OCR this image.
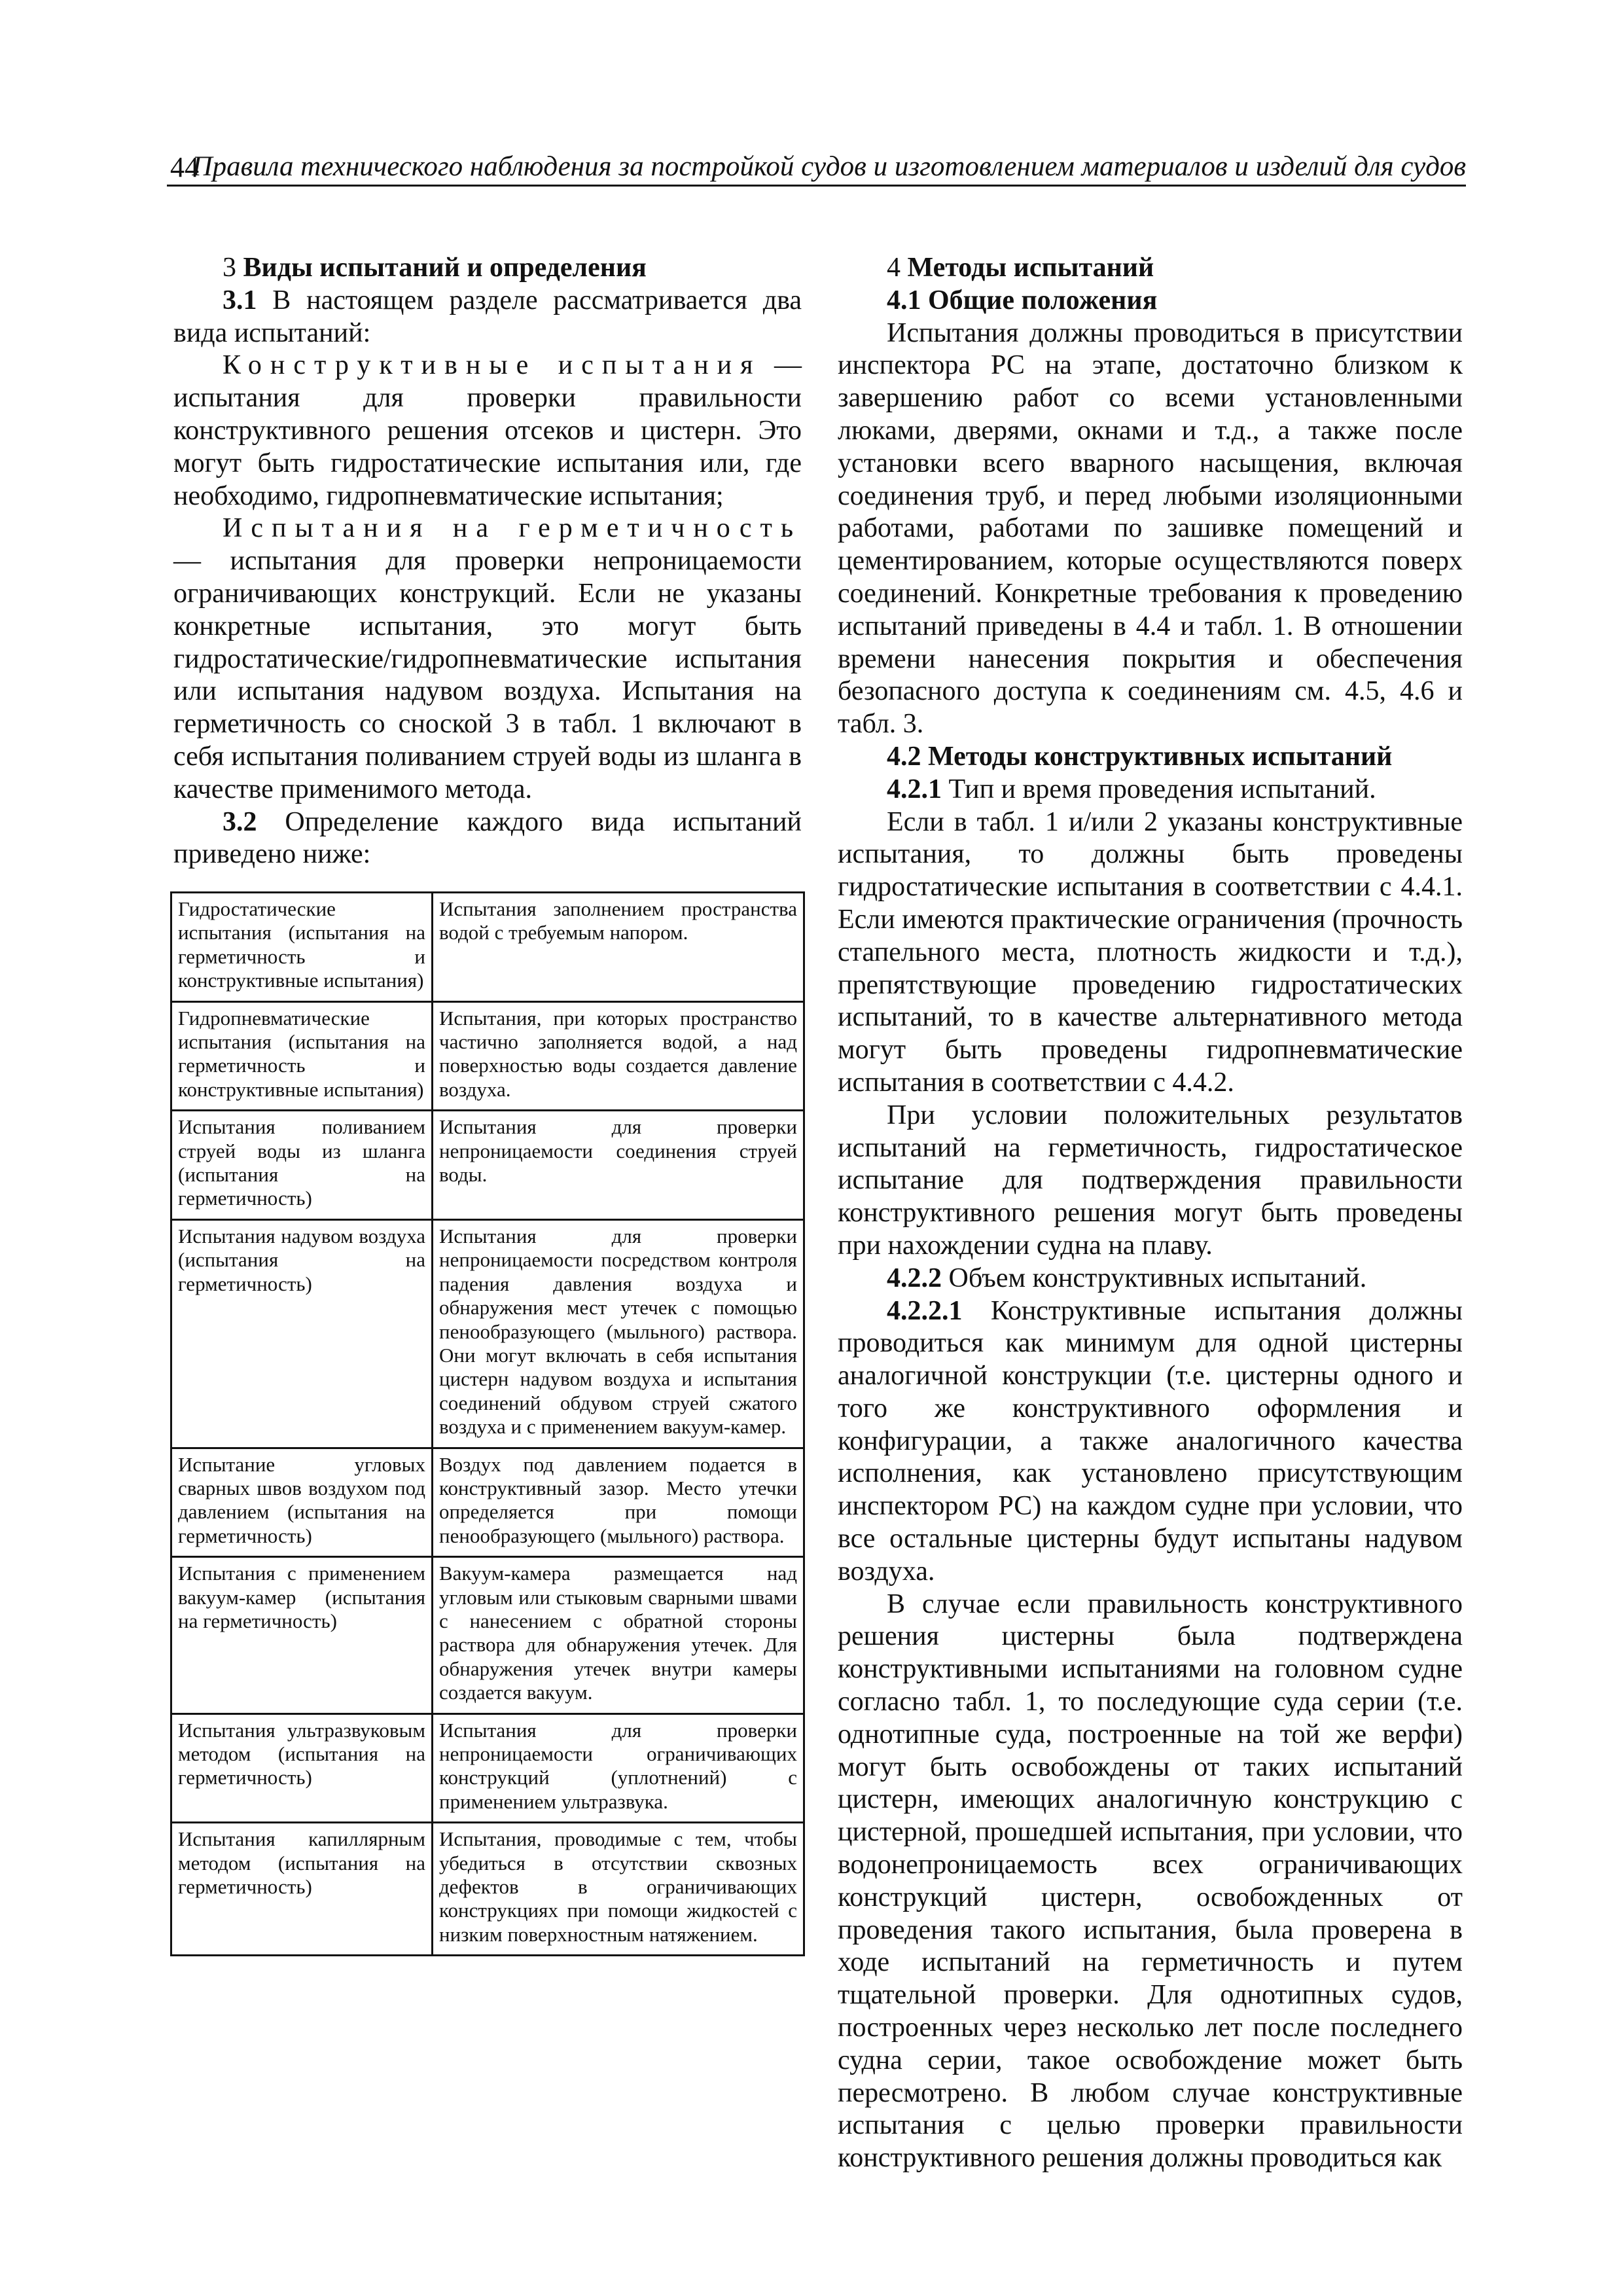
44
Правила технического наблюдения за постройкой судов и изготовлением материалов и изделий для судов
3 Виды испытаний и определения

3.1 В настоящем разделе рассматривается два вида испытаний:

Конструктивные испытания — испытания для проверки правильности конструктивного решения отсеков и цистерн. Это могут быть гидростатические испытания или, где необходимо, гидропневматические испытания;

Испытания на герметичность — испытания для проверки непроницаемости ограничивающих конструкций. Если не указаны конкретные испытания, это могут быть гидростатические/гидропневматические испытания или испытания надувом воздуха. Испытания на герметичность со сноской 3 в табл. 1 включают в себя испытания поливанием струей воды из шланга в качестве применимого метода.

3.2 Определение каждого вида испытаний приведено ниже:

Гидростатические испытания (испытания на герметичность и конструктивные испытания)	Испытания заполнением пространства водой с требуемым напором.
Гидропневматические испытания (испытания на герметичность и конструктивные испытания)	Испытания, при которых пространство частично заполняется водой, а над поверхностью воды создается давление воздуха.
Испытания поливанием струей воды из шланга (испытания на герметичность)	Испытания для проверки непроницаемости соединения струей воды.
Испытания надувом воздуха (испытания на герметичность)	Испытания для проверки непроницаемости посредством контроля падения давления воздуха и обнаружения мест утечек с помощью пенообразующего (мыльного) раствора. Они могут включать в себя испытания цистерн надувом воздуха и испытания соединений обдувом струей сжатого воздуха и с применением вакуум-камер.
Испытание угловых сварных швов воздухом под давлением (испытания на герметичность)	Воздух под давлением подается в конструктивный зазор. Место утечки определяется при помощи пенообразующего (мыльного) раствора.
Испытания с применением вакуум-камер (испытания на герметичность)	Вакуум-камера размещается над угловым или стыковым сварными швами с нанесением с обратной стороны раствора для обнаружения утечек. Для обнаружения утечек внутри камеры создается вакуум.
Испытания ультразвуковым методом (испытания на герметичность)	Испытания для проверки непроницаемости ограничивающих конструкций (уплотнений) с применением ультразвука.
Испытания капиллярным методом (испытания на герметичность)	Испытания, проводимые с тем, чтобы убедиться в отсутствии сквозных дефектов в ограничивающих конструкциях при помощи жидкостей с низким поверхностным натяжением.
4 Методы испытаний
4.1 Общие положения

Испытания должны проводиться в присутствии инспектора РС на этапе, достаточно близком к завершению работ со всеми установленными люками, дверями, окнами и т.д., а также после установки всего вварного насыщения, включая соединения труб, и перед любыми изоляционными работами, работами по зашивке помещений и цементированием, которые осуществляются поверх соединений. Конкретные требования к проведению испытаний приведены в 4.4 и табл. 1. В отношении времени нанесения покрытия и обеспечения безопасного доступа к соединениям см. 4.5, 4.6 и табл. 3.

4.2 Методы конструктивных испытаний

4.2.1 Тип и время проведения испытаний.

Если в табл. 1 и/или 2 указаны конструктивные испытания, то должны быть проведены гидростатические испытания в соответствии с 4.4.1. Если имеются практические ограничения (прочность стапельного места, плотность жидкости и т.д.), препятствующие проведению гидростатических испытаний, то в качестве альтернативного метода могут быть проведены гидропневматические испытания в соответствии с 4.4.2.

При условии положительных результатов испытаний на герметичность, гидростатическое испытание для подтверждения правильности конструктивного решения могут быть проведены при нахождении судна на плаву.

4.2.2 Объем конструктивных испытаний.

4.2.2.1 Конструктивные испытания должны проводиться как минимум для одной цистерны аналогичной конструкции (т.е. цистерны одного и того же конструктивного оформления и конфигурации, а также аналогичного качества исполнения, как установлено присутствующим инспектором РС) на каждом судне при условии, что все остальные цистерны будут испытаны надувом воздуха.

В случае если правильность конструктивного решения цистерны была подтверждена конструктивными испытаниями на головном судне согласно табл. 1, то последующие суда серии (т.е. однотипные суда, построенные на той же верфи) могут быть освобождены от таких испытаний цистерн, имеющих аналогичную конструкцию с цистерной, прошедшей испытания, при условии, что водонепроницаемость всех ограничивающих конструкций цистерн, освобожденных от проведения такого испытания, была проверена в ходе испытаний на герметичность и путем тщательной проверки. Для однотипных судов, построенных через несколько лет после последнего судна серии, такое освобождение может быть пересмотрено. В любом случае конструктивные испытания с целью проверки правильности конструктивного решения должны проводиться как
